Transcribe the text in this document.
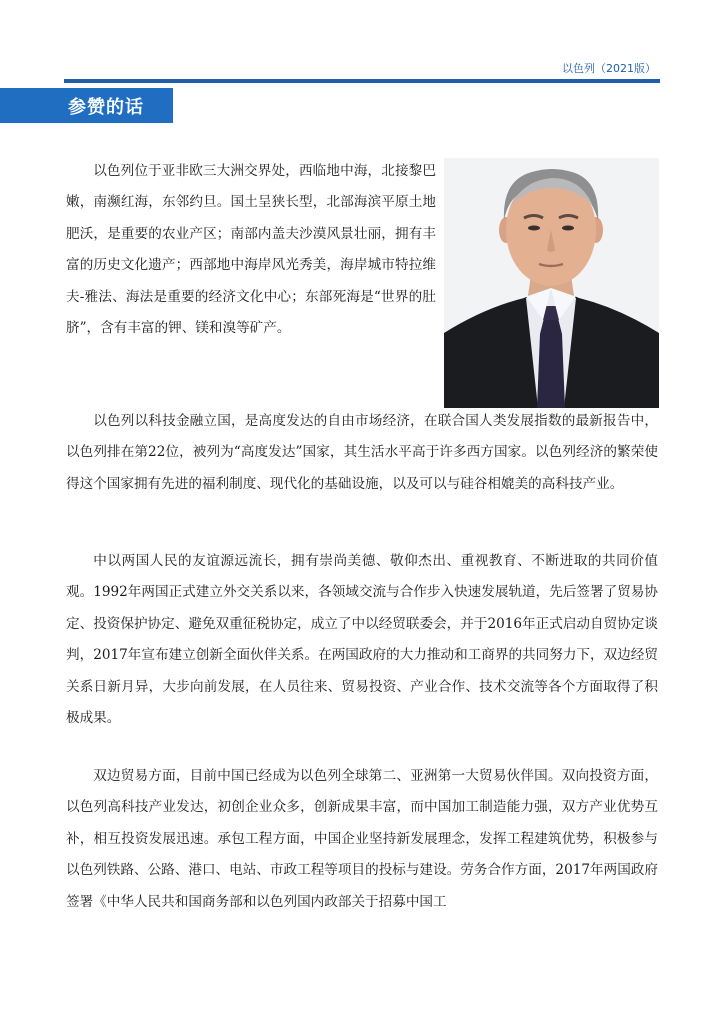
以色列（2021版）
参赞的话

以色列位于亚非欧三大洲交界处，西临地中海，北接黎巴嫩，南濒红海，东邻约旦。国土呈狭长型，北部海滨平原土地肥沃，是重要的农业产区；南部内盖夫沙漠风景壮丽，拥有丰富的历史文化遗产；西部地中海岸风光秀美，海岸城市特拉维夫-雅法、海法是重要的经济文化中心；东部死海是“世界的肚脐”，含有丰富的钾、镁和溴等矿产。

以色列以科技金融立国，是高度发达的自由市场经济，在联合国人类发展指数的最新报告中，以色列排在第22位，被列为“高度发达”国家，其生活水平高于许多西方国家。以色列经济的繁荣使得这个国家拥有先进的福利制度、现代化的基础设施，以及可以与硅谷相媲美的高科技产业。

中以两国人民的友谊源远流长，拥有崇尚美德、敬仰杰出、重视教育、不断进取的共同价值观。1992年两国正式建立外交关系以来，各领域交流与合作步入快速发展轨道，先后签署了贸易协定、投资保护协定、避免双重征税协定，成立了中以经贸联委会，并于2016年正式启动自贸协定谈判，2017年宣布建立创新全面伙伴关系。在两国政府的大力推动和工商界的共同努力下，双边经贸关系日新月异，大步向前发展，在人员往来、贸易投资、产业合作、技术交流等各个方面取得了积极成果。

双边贸易方面，目前中国已经成为以色列全球第二、亚洲第一大贸易伙伴国。双向投资方面，以色列高科技产业发达，初创企业众多，创新成果丰富，而中国加工制造能力强，双方产业优势互补，相互投资发展迅速。承包工程方面，中国企业坚持新发展理念，发挥工程建筑优势，积极参与以色列铁路、公路、港口、电站、市政工程等项目的投标与建设。劳务合作方面，2017年两国政府签署《中华人民共和国商务部和以色列国内政部关于招募中国工
